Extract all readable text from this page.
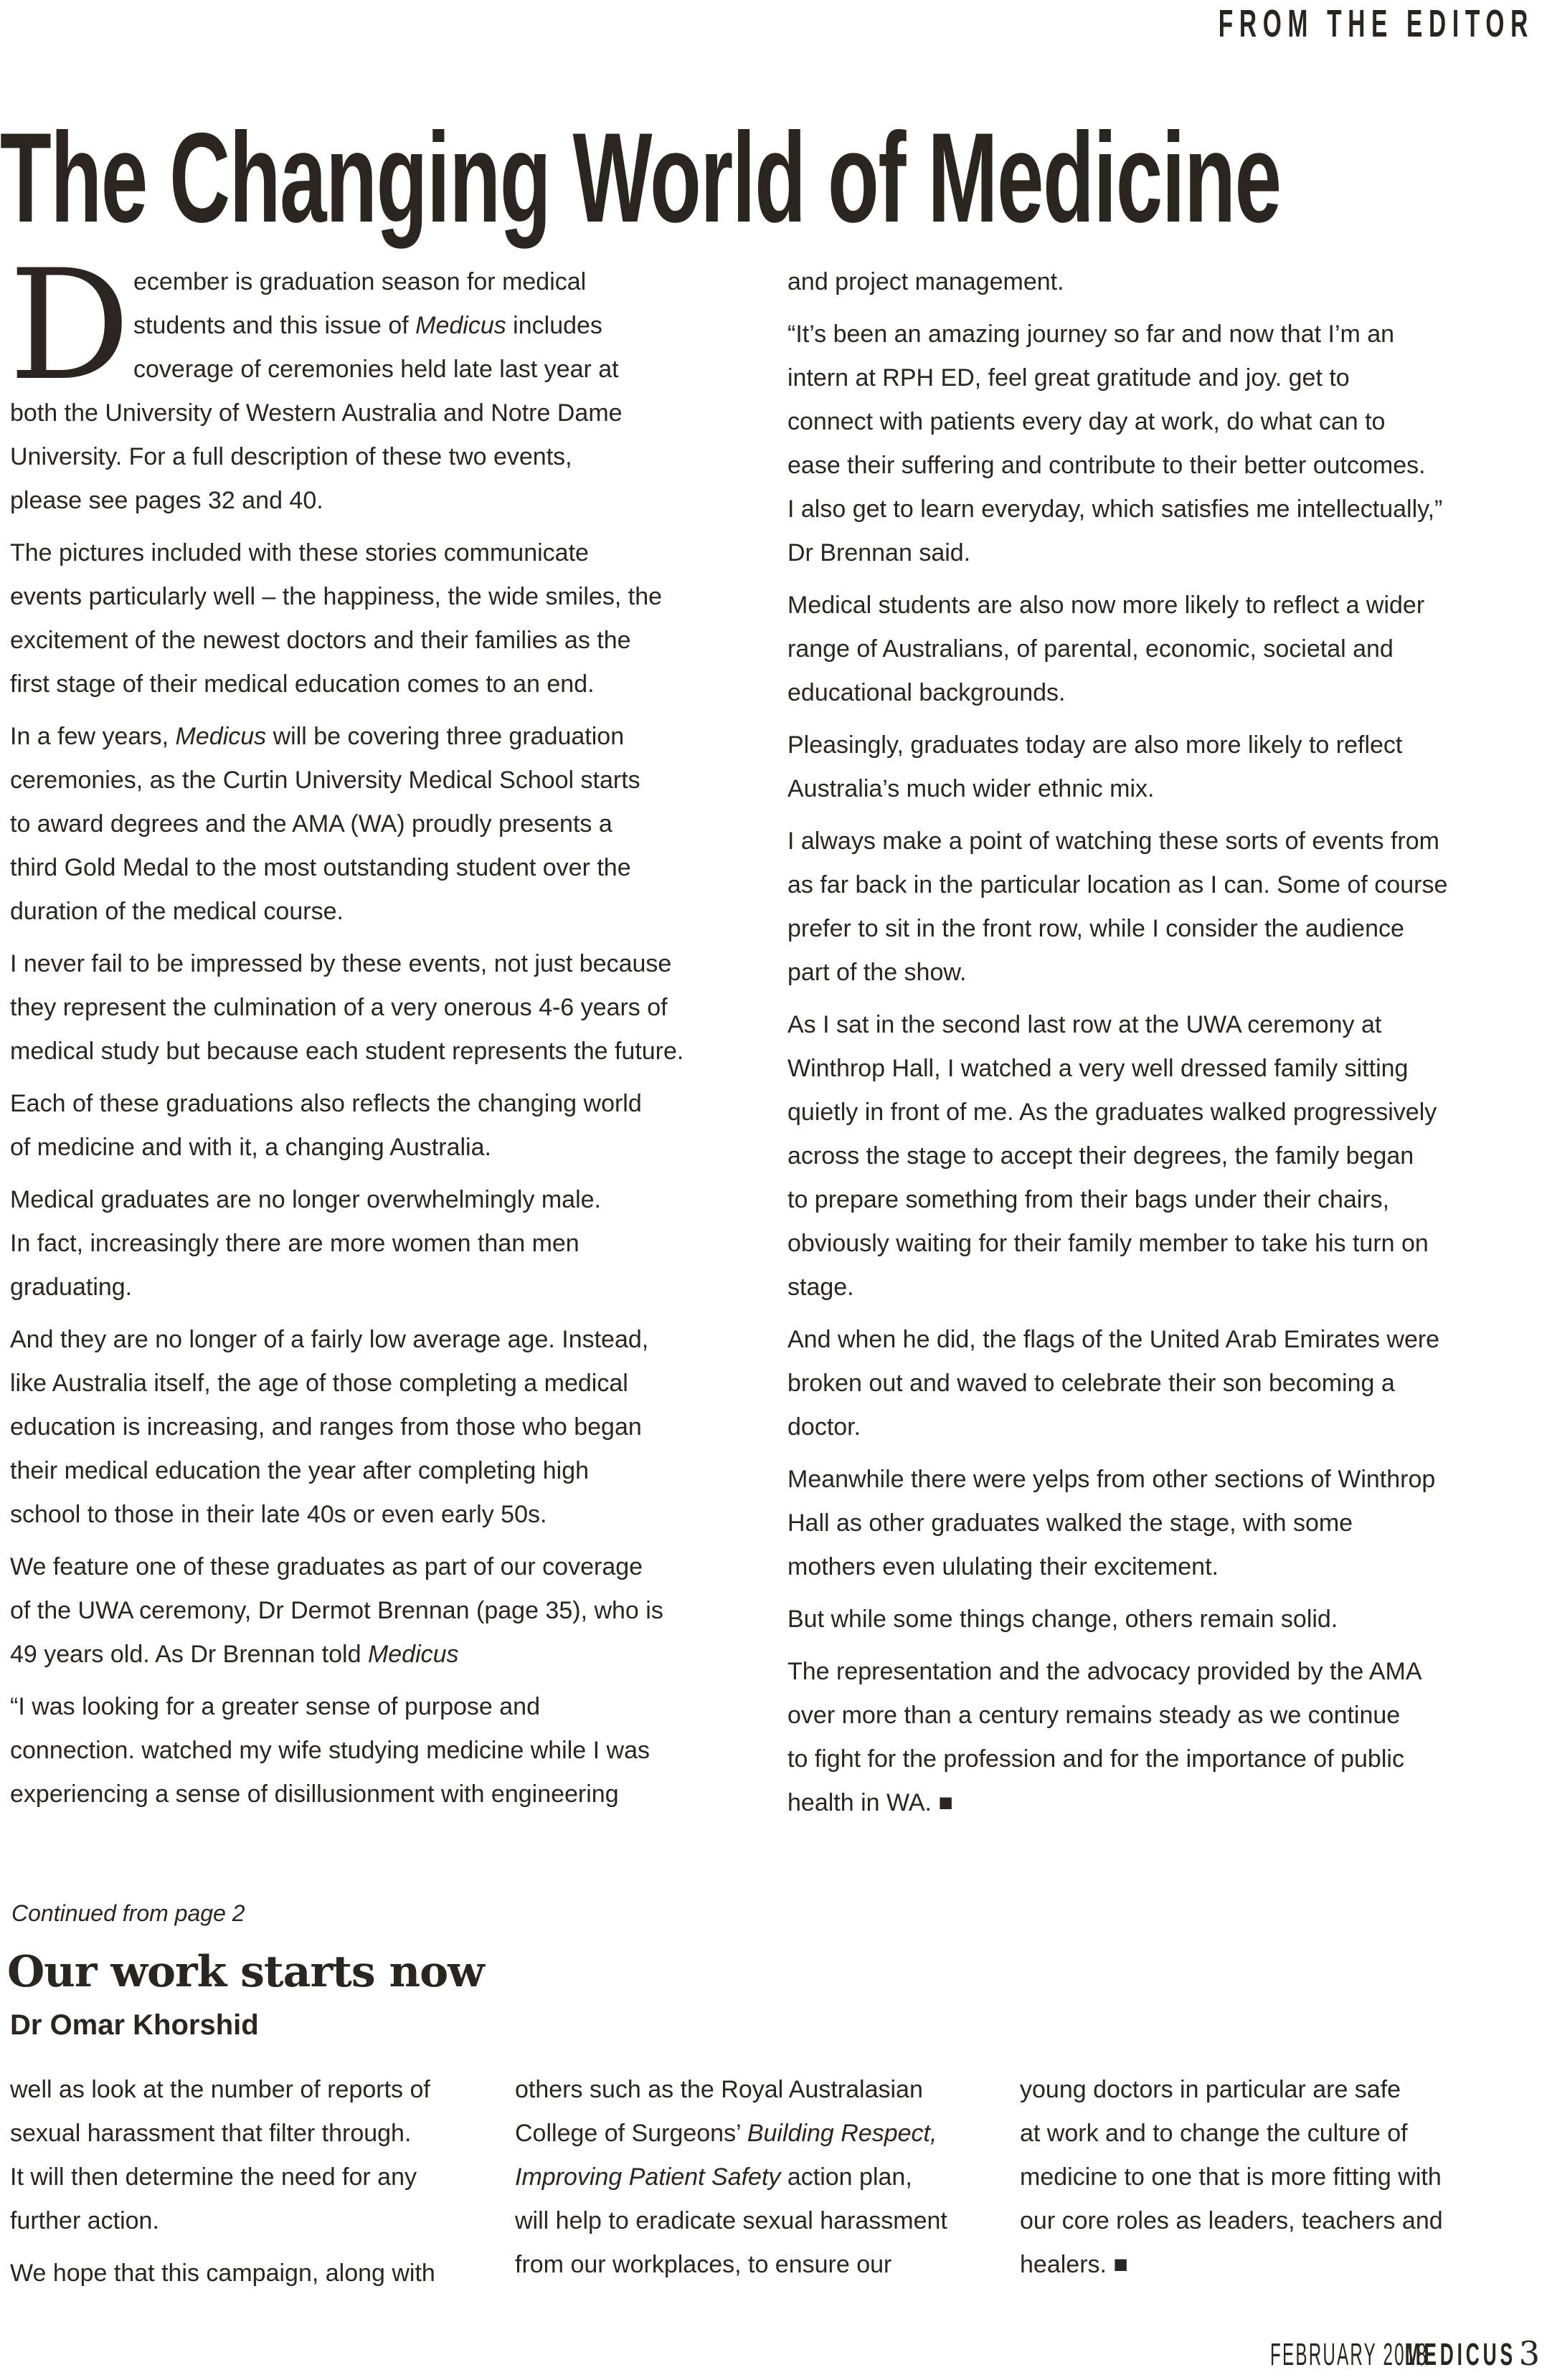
FROM THE EDITOR
The Changing World of Medicine
D ecember is graduation season for medical
students and this issue of Medicus includes
coverage of ceremonies held late last year at
both the University of Western Australia and Notre Dame
University. For a full description of these two events,
please see pages 32 and 40.
The pictures included with these stories communicate
events particularly well – the happiness, the wide smiles, the
excitement of the newest doctors and their families as the
first stage of their medical education comes to an end.
In a few years, Medicus will be covering three graduation
ceremonies, as the Curtin University Medical School starts
to award degrees and the AMA (WA) proudly presents a
third Gold Medal to the most outstanding student over the
duration of the medical course.
I never fail to be impressed by these events, not just because
they represent the culmination of a very onerous 4-6 years of
medical study but because each student represents the future.
Each of these graduations also reflects the changing world
of medicine and with it, a changing Australia.
Medical graduates are no longer overwhelmingly male.
In fact, increasingly there are more women than men
graduating.
And they are no longer of a fairly low average age. Instead,
like Australia itself, the age of those completing a medical
education is increasing, and ranges from those who began
their medical education the year after completing high
school to those in their late 40s or even early 50s.
We feature one of these graduates as part of our coverage
of the UWA ceremony, Dr Dermot Brennan (page 35), who is
49 years old. As Dr Brennan told Medicus
“I was looking for a greater sense of purpose and
connection. watched my wife studying medicine while I was
experiencing a sense of disillusionment with engineering
and project management.
“It’s been an amazing journey so far and now that I’m an
intern at RPH ED, feel great gratitude and joy. get to
connect with patients every day at work, do what can to
ease their suffering and contribute to their better outcomes.
I also get to learn everyday, which satisfies me intellectually,”
Dr Brennan said.
Medical students are also now more likely to reflect a wider
range of Australians, of parental, economic, societal and
educational backgrounds.
Pleasingly, graduates today are also more likely to reflect
Australia’s much wider ethnic mix.
I always make a point of watching these sorts of events from
as far back in the particular location as I can. Some of course
prefer to sit in the front row, while I consider the audience
part of the show.
As I sat in the second last row at the UWA ceremony at
Winthrop Hall, I watched a very well dressed family sitting
quietly in front of me. As the graduates walked progressively
across the stage to accept their degrees, the family began
to prepare something from their bags under their chairs,
obviously waiting for their family member to take his turn on
stage.
And when he did, the flags of the United Arab Emirates were
broken out and waved to celebrate their son becoming a
doctor.
Meanwhile there were yelps from other sections of Winthrop
Hall as other graduates walked the stage, with some
mothers even ululating their excitement.
But while some things change, others remain solid.
The representation and the advocacy provided by the AMA
over more than a century remains steady as we continue
to fight for the profession and for the importance of public
health in WA. ■
Continued from page 2
Our work starts now
Dr Omar Khorshid
well as look at the number of reports of
sexual harassment that filter through.
It will then determine the need for any
further action.
We hope that this campaign, along with
others such as the Royal Australasian
College of Surgeons’ Building Respect,
Improving Patient Safety action plan,
will help to eradicate sexual harassment
from our workplaces, to ensure our
young doctors in particular are safe
at work and to change the culture of
medicine to one that is more fitting with
our core roles as leaders, teachers and
healers. ■
FEBRUARY 2018
MEDICUS 3
